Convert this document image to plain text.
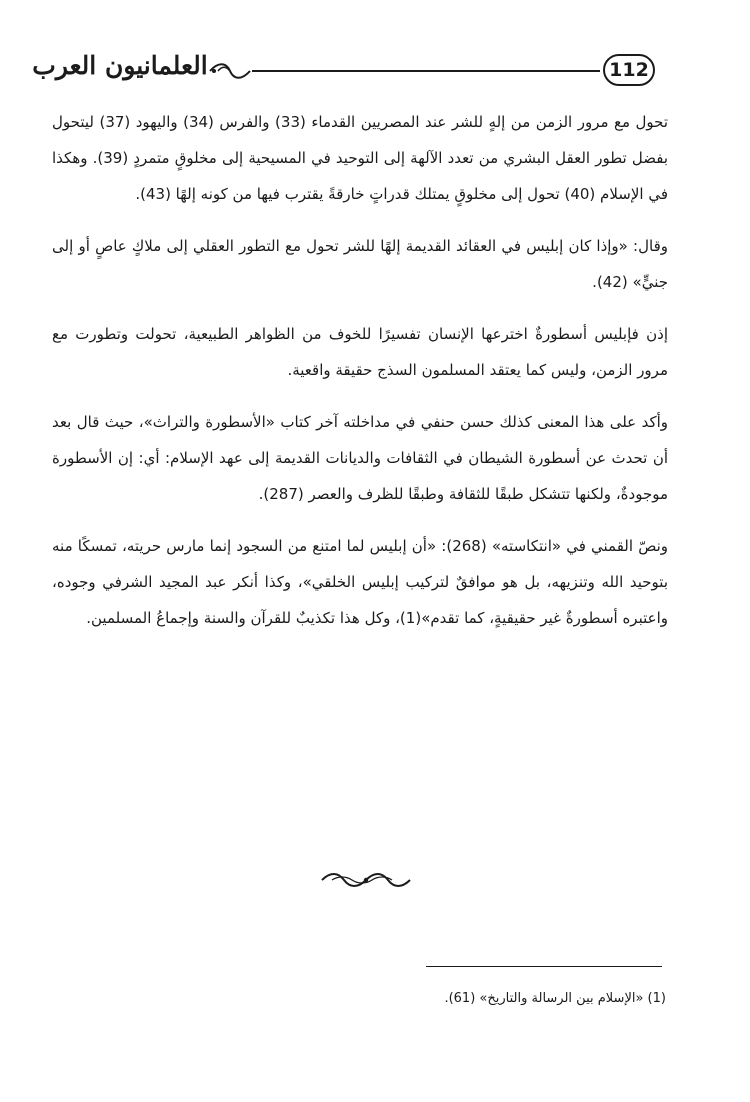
112
العلمانيون العرب

تحول مع مرور الزمن من إلهٍ للشر عند المصريين القدماء (33) والفرس (34) واليهود (37) ليتحول بفضل تطور العقل البشري من تعدد الآلهة إلى التوحيد في المسيحية إلى مخلوقٍ متمردٍ (39). وهكذا في الإسلام (40) تحول إلى مخلوقٍ يمتلك قدراتٍ خارقةً يقترب فيها من كونه إلهًا (43).

وقال: «وإذا كان إبليس في العقائد القديمة إلهًا للشر تحول مع التطور العقلي إلى ملاكٍ عاصٍ أو إلى جنيٍّ» (42).

إذن فإبليس أسطورةٌ اخترعها الإنسان تفسيرًا للخوف من الظواهر الطبيعية، تحولت وتطورت مع مرور الزمن، وليس كما يعتقد المسلمون السذج حقيقة واقعية.

وأكد على هذا المعنى كذلك حسن حنفي في مداخلته آخر كتاب «الأسطورة والتراث»، حيث قال بعد أن تحدث عن أسطورة الشيطان في الثقافات والديانات القديمة إلى عهد الإسلام: أي: إن الأسطورة موجودةٌ، ولكنها تتشكل طبقًا للثقافة وطبقًا للظرف والعصر (287).

ونصّ القمني في «انتكاسته» (268): «أن إبليس لما امتنع من السجود إنما مارس حريته، تمسكًا منه بتوحيد الله وتنزيهه، بل هو موافقٌ لتركيب إبليس الخلقي»، وكذا أنكر عبد المجيد الشرفي وجوده، واعتبره أسطورةٌ غير حقيقيةٍ، كما تقدم»(1)، وكل هذا تكذيبٌ للقرآن والسنة وإجماعُ المسلمين.

(1) «الإسلام بين الرسالة والتاريخ» (61).
